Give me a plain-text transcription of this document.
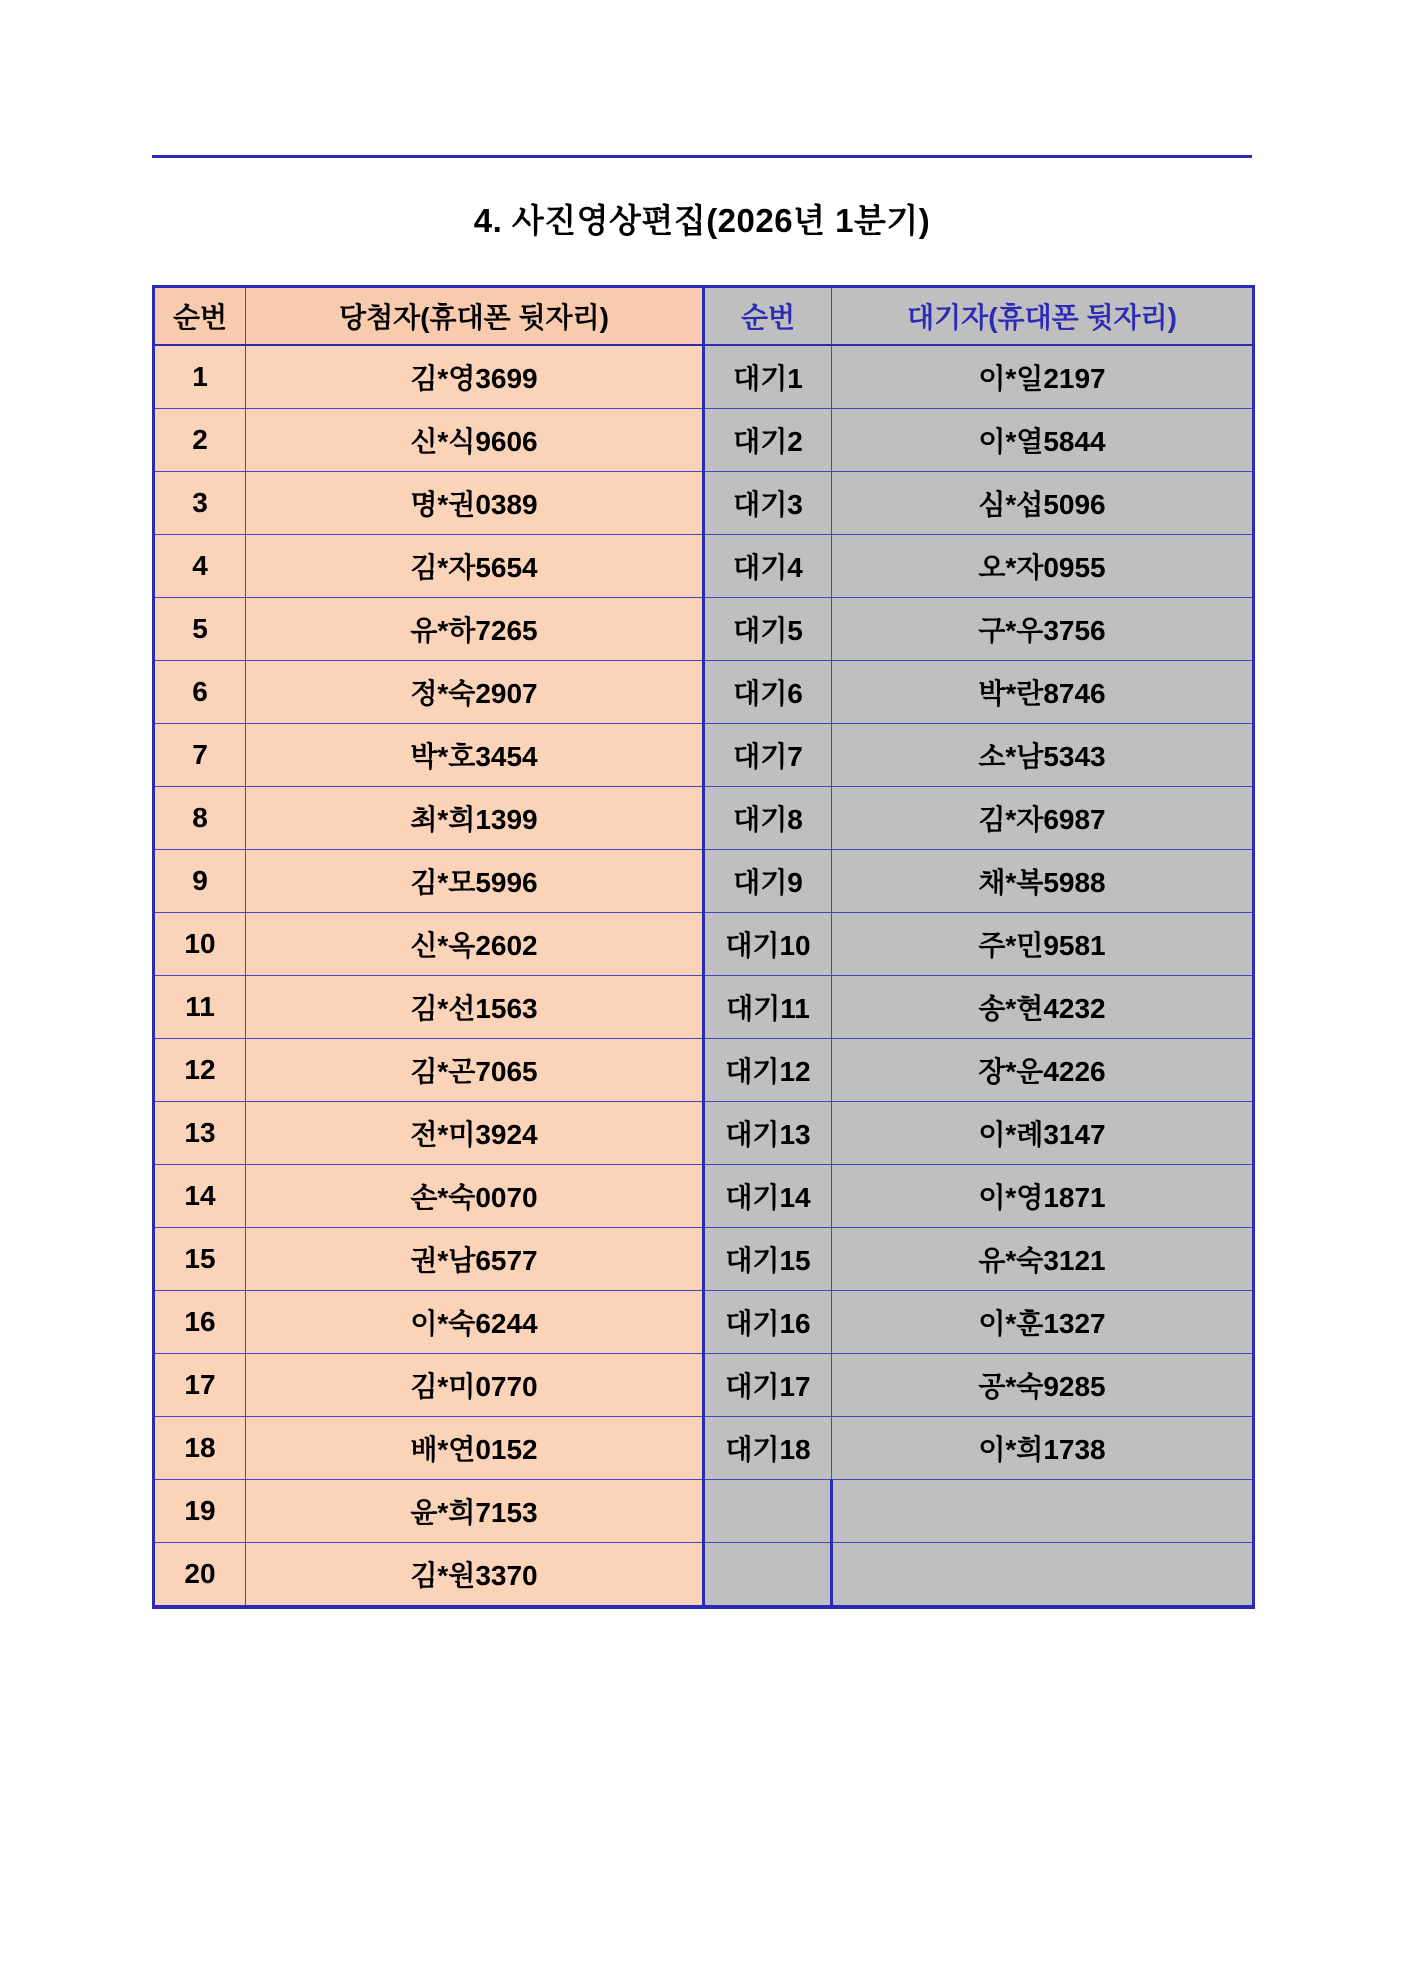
4. 사진영상편집(2026년 1분기)
순번	당첨자(휴대폰 뒷자리)	순번	대기자(휴대폰 뒷자리)
1	김*영3699	대기1	이*일2197
2	신*식9606	대기2	이*열5844
3	명*권0389	대기3	심*섭5096
4	김*자5654	대기4	오*자0955
5	유*하7265	대기5	구*우3756
6	정*숙2907	대기6	박*란8746
7	박*호3454	대기7	소*남5343
8	최*희1399	대기8	김*자6987
9	김*모5996	대기9	채*복5988
10	신*옥2602	대기10	주*민9581
11	김*선1563	대기11	송*현4232
12	김*곤7065	대기12	장*운4226
13	전*미3924	대기13	이*례3147
14	손*숙0070	대기14	이*영1871
15	권*남6577	대기15	유*숙3121
16	이*숙6244	대기16	이*훈1327
17	김*미0770	대기17	공*숙9285
18	배*연0152	대기18	이*희1738
19	윤*희7153		
20	김*원3370		
